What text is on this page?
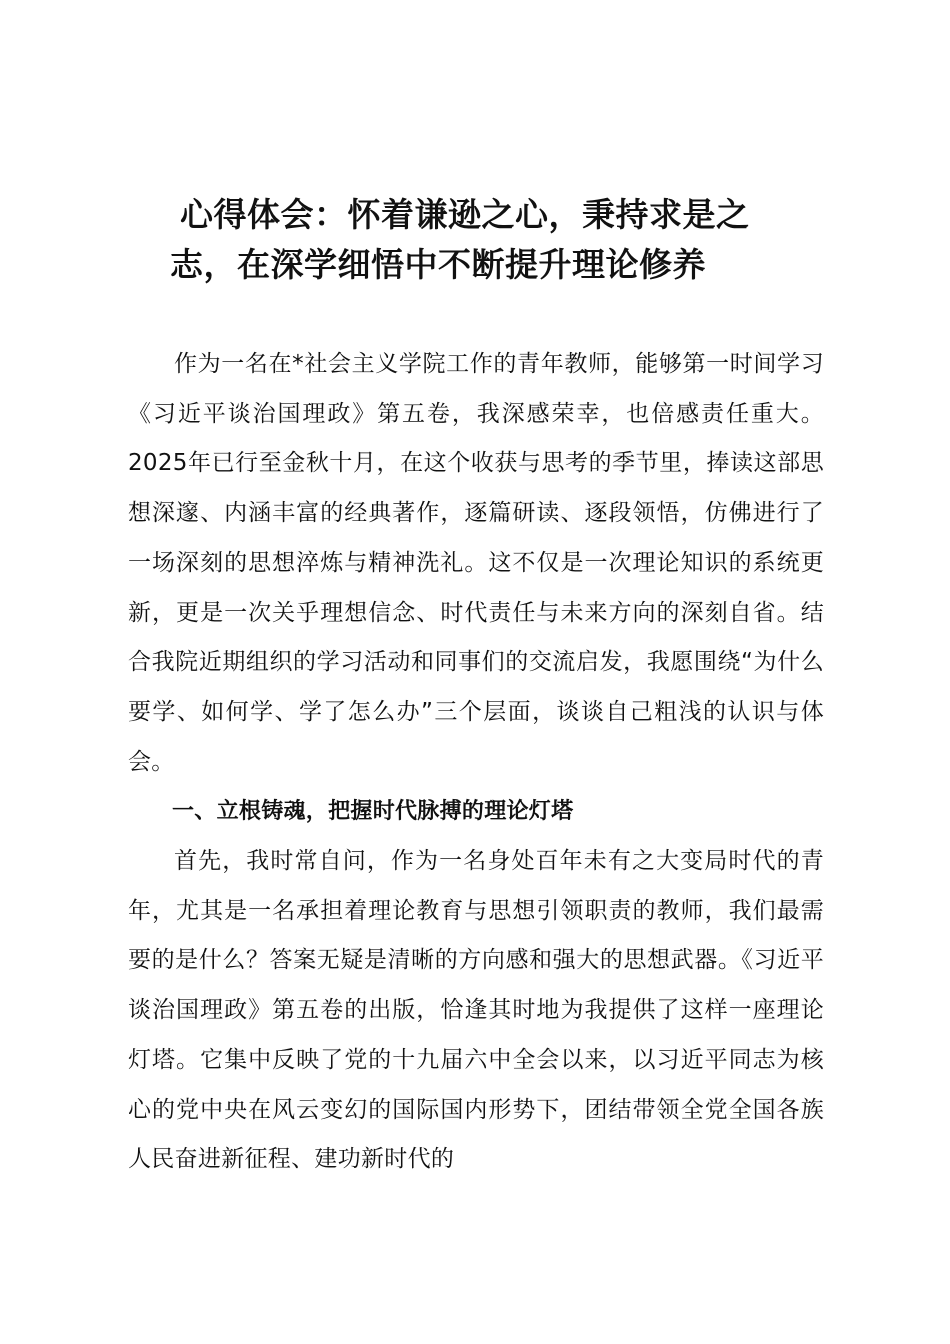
心得体会：怀着谦逊之心，秉持求是之
志，在深学细悟中不断提升理论修养

作为一名在*社会主义学院工作的青年教师，能够第一时间学习《习近平谈治国理政》第五卷，我深感荣幸，也倍感责任重大。2025年已行至金秋十月，在这个收获与思考的季节里，捧读这部思想深邃、内涵丰富的经典著作，逐篇研读、逐段领悟，仿佛进行了一场深刻的思想淬炼与精神洗礼。这不仅是一次理论知识的系统更新，更是一次关乎理想信念、时代责任与未来方向的深刻自省。结合我院近期组织的学习活动和同事们的交流启发，我愿围绕“为什么要学、如何学、学了怎么办”三个层面，谈谈自己粗浅的认识与体会。

一、立根铸魂，把握时代脉搏的理论灯塔

首先，我时常自问，作为一名身处百年未有之大变局时代的青年，尤其是一名承担着理论教育与思想引领职责的教师，我们最需要的是什么？答案无疑是清晰的方向感和强大的思想武器。《习近平谈治国理政》第五卷的出版，恰逢其时地为我提供了这样一座理论灯塔。它集中反映了党的十九届六中全会以来，以习近平同志为核心的党中央在风云变幻的国际国内形势下，团结带领全党全国各族人民奋进新征程、建功新时代的
